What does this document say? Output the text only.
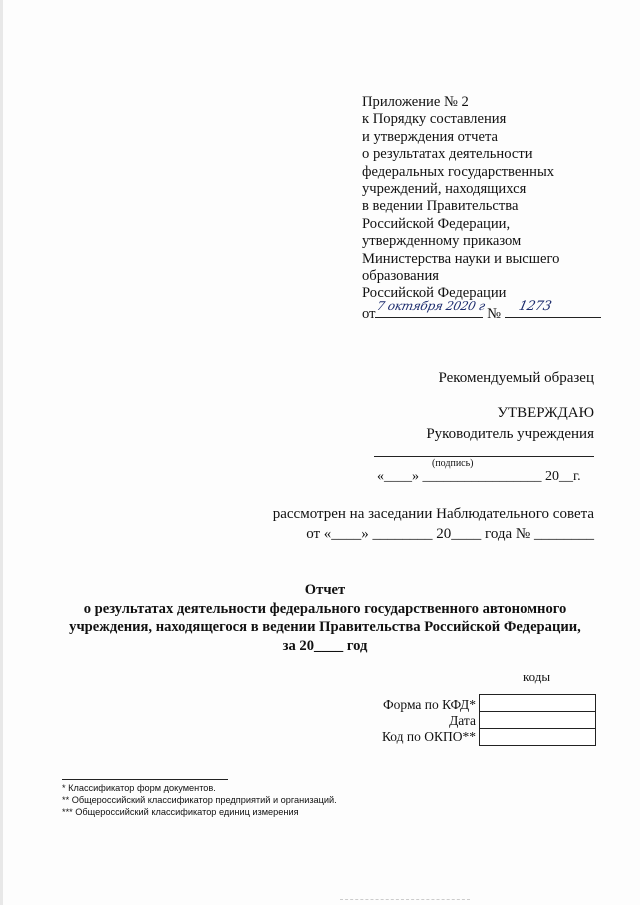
Приложение № 2
к Порядку составления
и утверждения отчета
о результатах деятельности
федеральных государственных
учреждений, находящихся
в ведении Правительства
Российской Федерации,
утвержденному приказом
Министерства науки и высшего
образования
Российской Федерации
от 7 октября 2020 г № 1273
Рекомендуемый образец
УТВЕРЖДАЮ
Руководитель учреждения
(подпись)
«____» _________________ 20__г.
рассмотрен на заседании Наблюдательного совета
от «____» ________ 20____ года № ________
Отчет
о результатах деятельности федерального государственного автономного
учреждения, находящегося в ведении Правительства Российской Федерации,
за 20____ год
коды
Форма по КФД*
Дата
Код по ОКПО**
* Классификатор форм документов.
** Общероссийский классификатор предприятий и организаций.
*** Общероссийский классификатор единиц измерения
